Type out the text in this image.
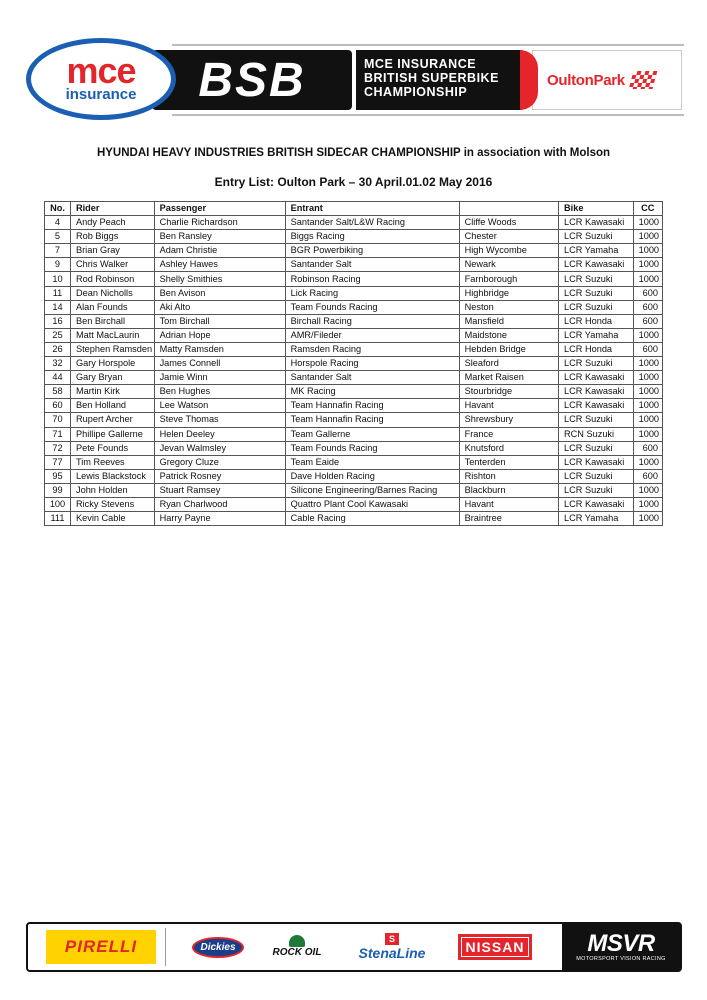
mce
insurance BSB	MCE INSURANCE
BRITISH SUPERBIKE
CHAMPIONSHIP
OultonPark
HYUNDAI HEAVY INDUSTRIES BRITISH SIDECAR CHAMPIONSHIP in association with Molson
Entry List: Oulton Park – 30 April.01.02 May 2016
No.	Rider	Passenger	Entrant		Bike	CC
4	Andy Peach	Charlie Richardson	Santander Salt/L&W Racing	Cliffe Woods	LCR Kawasaki	1000
5	Rob Biggs	Ben Ransley	Biggs Racing	Chester	LCR Suzuki	1000
7	Brian Gray	Adam Christie	BGR Powerbiking	High Wycombe	LCR Yamaha	1000
9	Chris Walker	Ashley Hawes	Santander Salt	Newark	LCR Kawasaki	1000
10	Rod Robinson	Shelly Smithies	Robinson Racing	Farnborough	LCR Suzuki	1000
11	Dean Nicholls	Ben Avison	Lick Racing	Highbridge	LCR Suzuki	600
14	Alan Founds	Aki Alto	Team Founds Racing	Neston	LCR Suzuki	600
16	Ben Birchall	Tom Birchall	Birchall Racing	Mansfield	LCR Honda	600
25	Matt MacLaurin	Adrian Hope	AMR/Fileder	Maidstone	LCR Yamaha	1000
26	Stephen Ramsden	Matty Ramsden	Ramsden Racing	Hebden Bridge	LCR Honda	600
32	Gary Horspole	James Connell	Horspole Racing	Sleaford	LCR Suzuki	1000
44	Gary Bryan	Jamie Winn	Santander Salt	Market Raisen	LCR Kawasaki	1000
58	Martin Kirk	Ben Hughes	MK Racing	Stourbridge	LCR Kawasaki	1000
60	Ben Holland	Lee Watson	Team Hannafin Racing	Havant	LCR Kawasaki	1000
70	Rupert Archer	Steve Thomas	Team Hannafin Racing	Shrewsbury	LCR Suzuki	1000
71	Phillipe Gallerne	Helen Deeley	Team Gallerne	France	RCN Suzuki	1000
72	Pete Founds	Jevan Walmsley	Team Founds Racing	Knutsford	LCR Suzuki	600
77	Tim Reeves	Gregory Cluze	Team Eaide	Tenterden	LCR Kawasaki	1000
95	Lewis Blackstock	Patrick Rosney	Dave Holden Racing	Rishton	LCR Suzuki	600
99	John Holden	Stuart Ramsey	Silicone Engineering/Barnes Racing	Blackburn	LCR Suzuki	1000
100	Ricky Stevens	Ryan Charlwood	Quattro Plant Cool Kawasaki	Havant	LCR Kawasaki	1000
111	Kevin Cable	Harry Payne	Cable Racing	Braintree	LCR Yamaha	1000
PIRELLI	Dickies	ROCK OIL
S
StenaLine	NISSAN	MSVR
MOTORSPORT VISION RACING
